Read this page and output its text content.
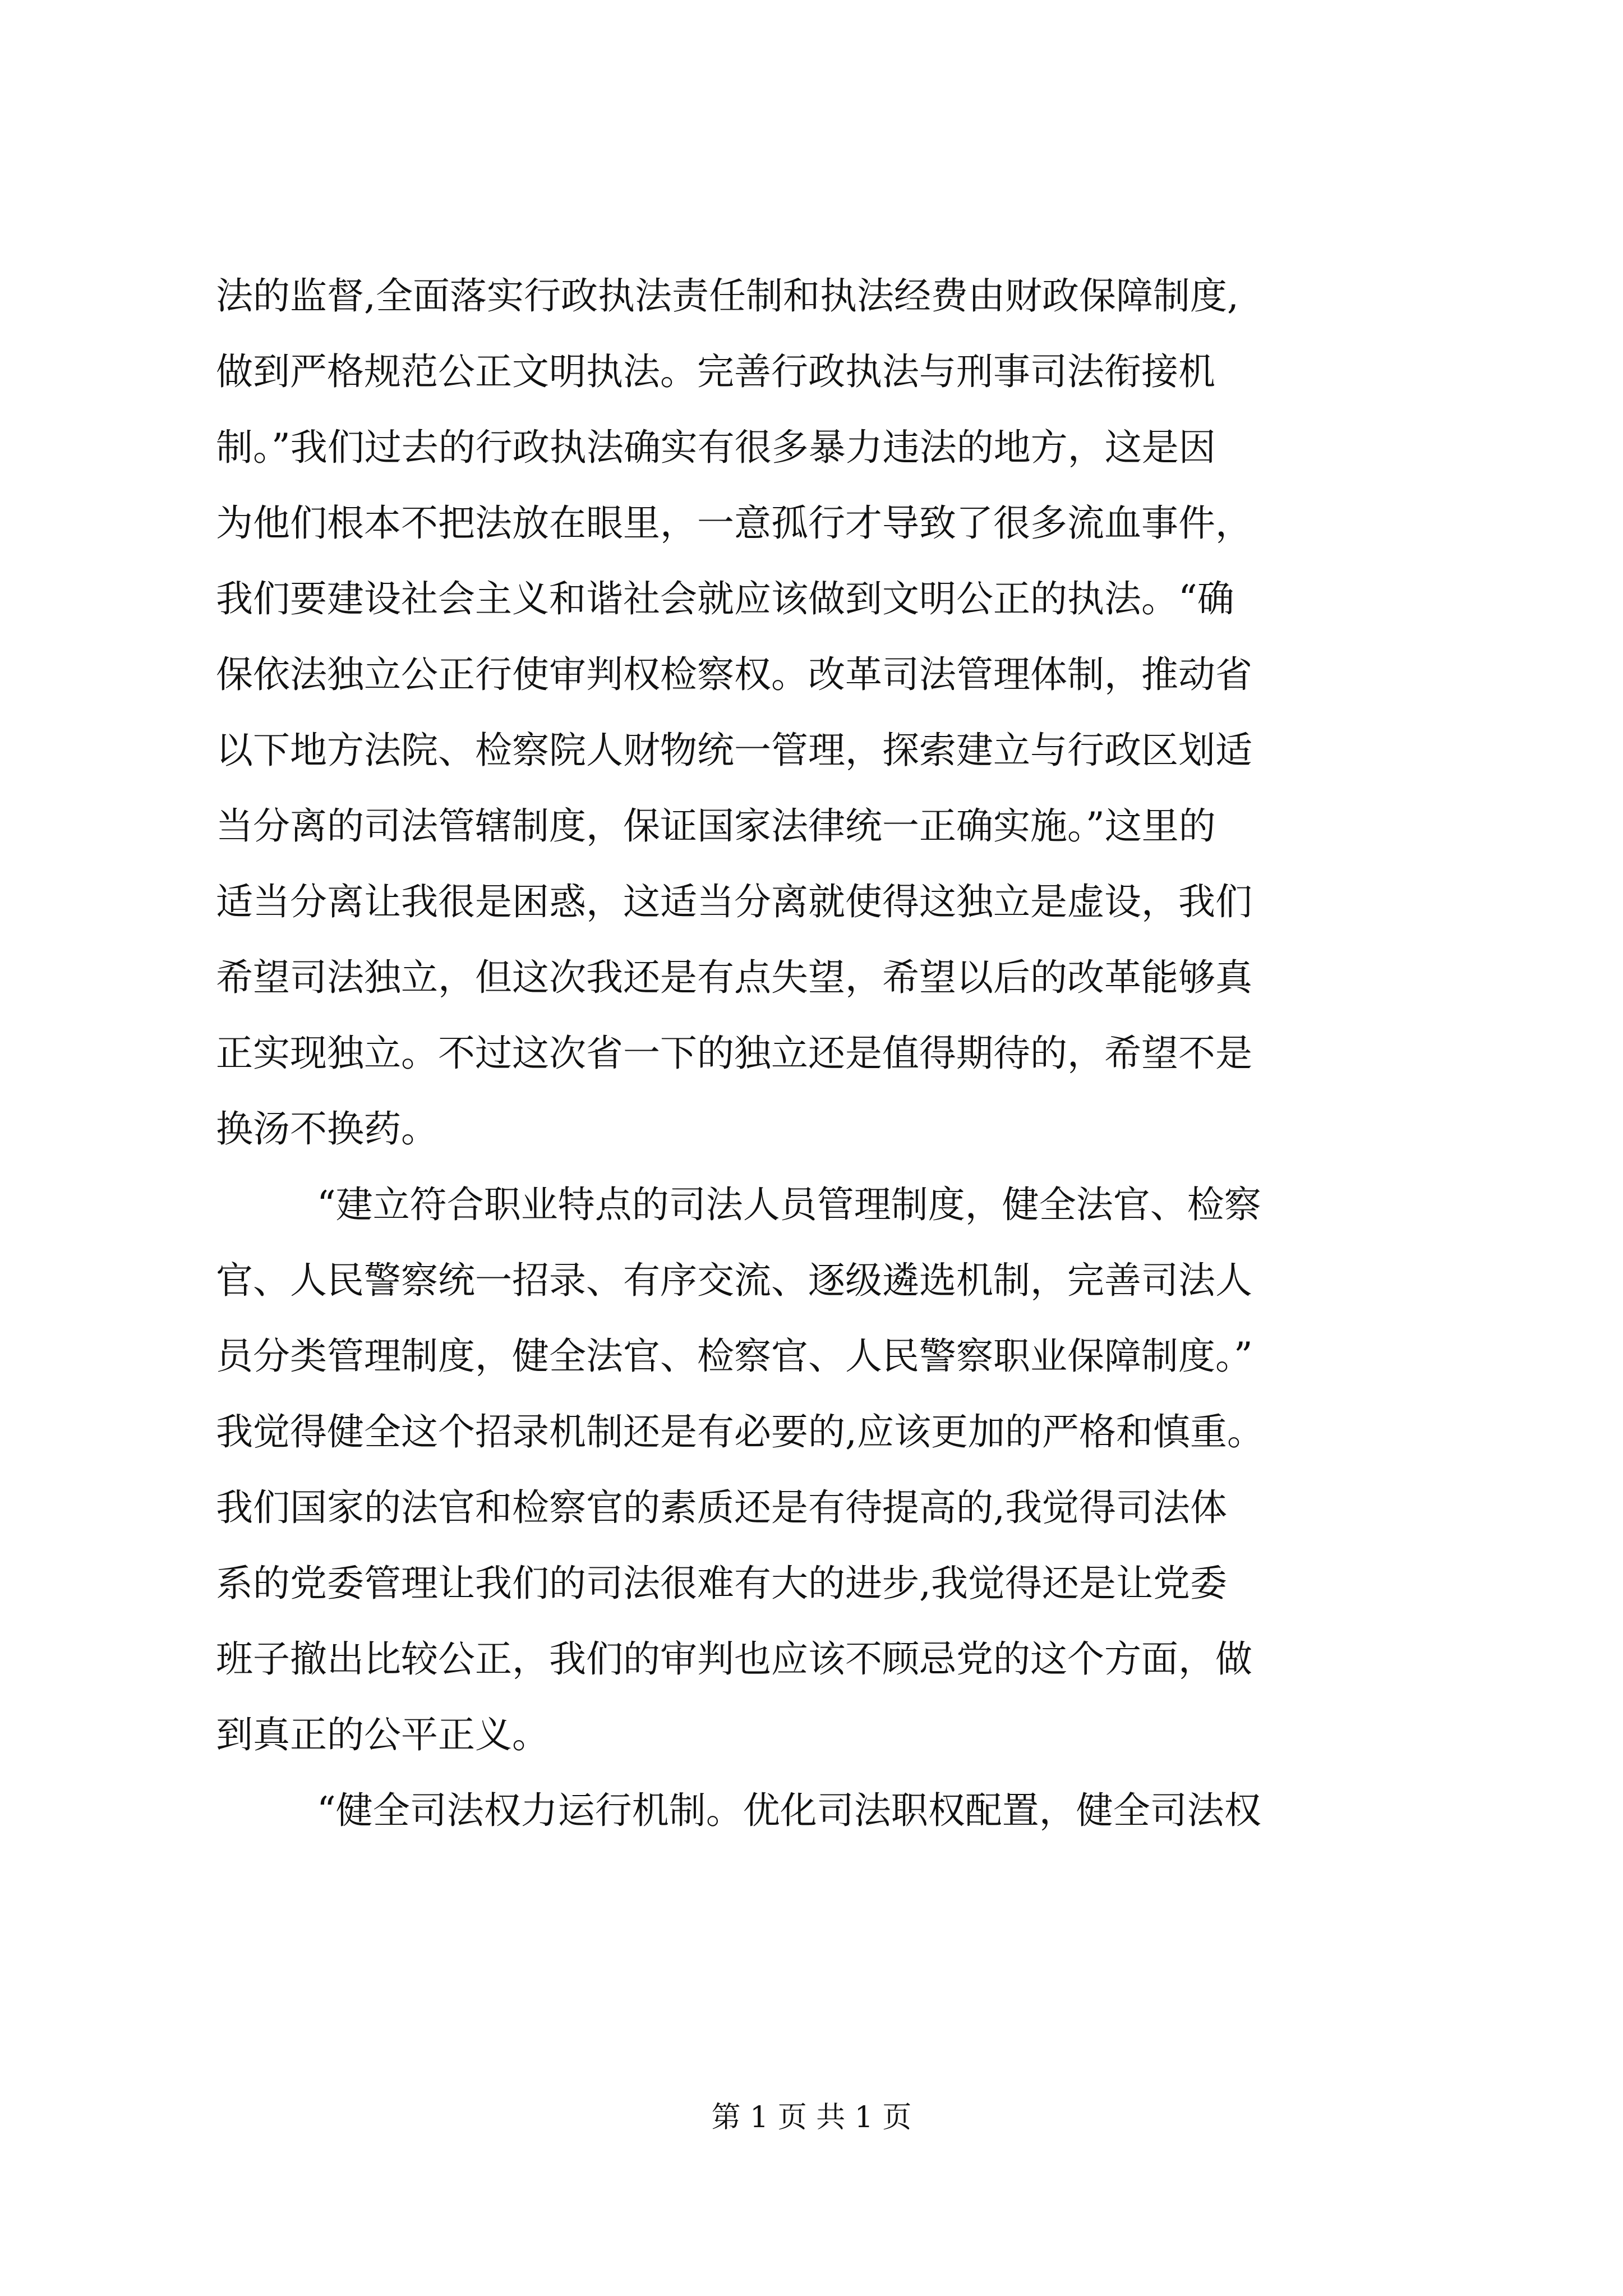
法的监督,全面落实行政执法责任制和执法经费由财政保障制度,
做到严格规范公正文明执法。完善行政执法与刑事司法衔接机
制。”我们过去的行政执法确实有很多暴力违法的地方，这是因
为他们根本不把法放在眼里，一意孤行才导致了很多流血事件，
我们要建设社会主义和谐社会就应该做到文明公正的执法。“确
保依法独立公正行使审判权检察权。改革司法管理体制，推动省
以下地方法院、检察院人财物统一管理，探索建立与行政区划适
当分离的司法管辖制度，保证国家法律统一正确实施。”这里的
适当分离让我很是困惑，这适当分离就使得这独立是虚设，我们
希望司法独立，但这次我还是有点失望，希望以后的改革能够真
正实现独立。不过这次省一下的独立还是值得期待的，希望不是
换汤不换药。
“建立符合职业特点的司法人员管理制度，健全法官、检察
官、人民警察统一招录、有序交流、逐级遴选机制，完善司法人
员分类管理制度，健全法官、检察官、人民警察职业保障制度。”
我觉得健全这个招录机制还是有必要的,应该更加的严格和慎重。
我们国家的法官和检察官的素质还是有待提高的,我觉得司法体
系的党委管理让我们的司法很难有大的进步,我觉得还是让党委
班子撤出比较公正，我们的审判也应该不顾忌党的这个方面，做
到真正的公平正义。
“健全司法权力运行机制。优化司法职权配置，健全司法权
第 1 页 共 1 页
